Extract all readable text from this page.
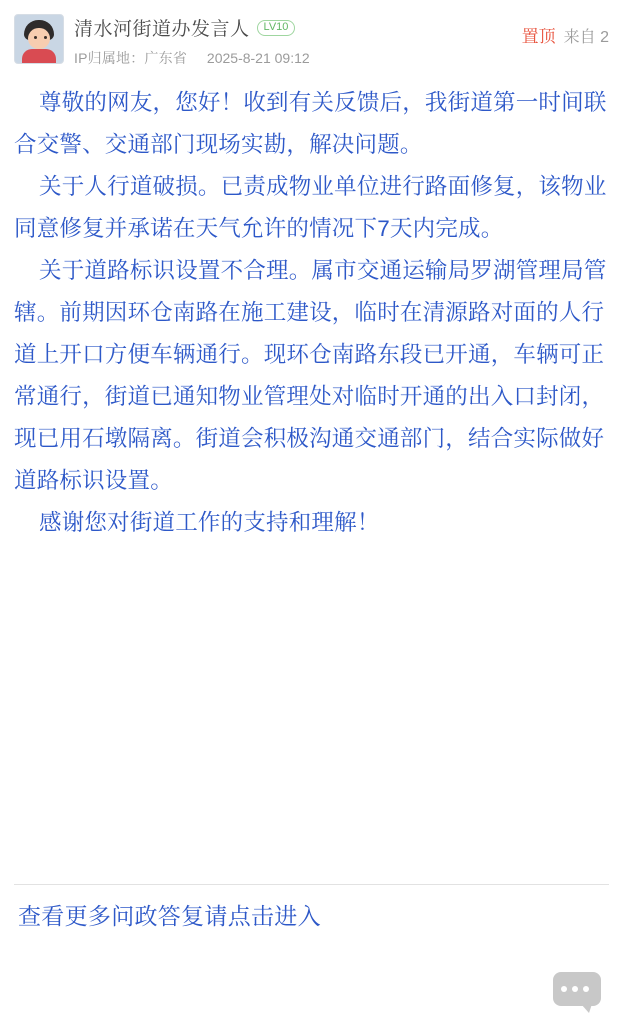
清水河街道办发言人	LV10
IP归属地：广东省 2025-8-21 09:12
置顶 来自 2

尊敬的网友，您好！收到有关反馈后，我街道第一时间联合交警、交通部门现场实勘，解决问题。

关于人行道破损。已责成物业单位进行路面修复，该物业同意修复并承诺在天气允许的情况下7天内完成。

关于道路标识设置不合理。属市交通运输局罗湖管理局管辖。前期因环仓南路在施工建设，临时在清源路对面的人行道上开口方便车辆通行。现环仓南路东段已开通，车辆可正常通行，街道已通知物业管理处对临时开通的出入口封闭，现已用石墩隔离。街道会积极沟通交通部门，结合实际做好道路标识设置。

感谢您对街道工作的支持和理解！

查看更多问政答复请点击进入
